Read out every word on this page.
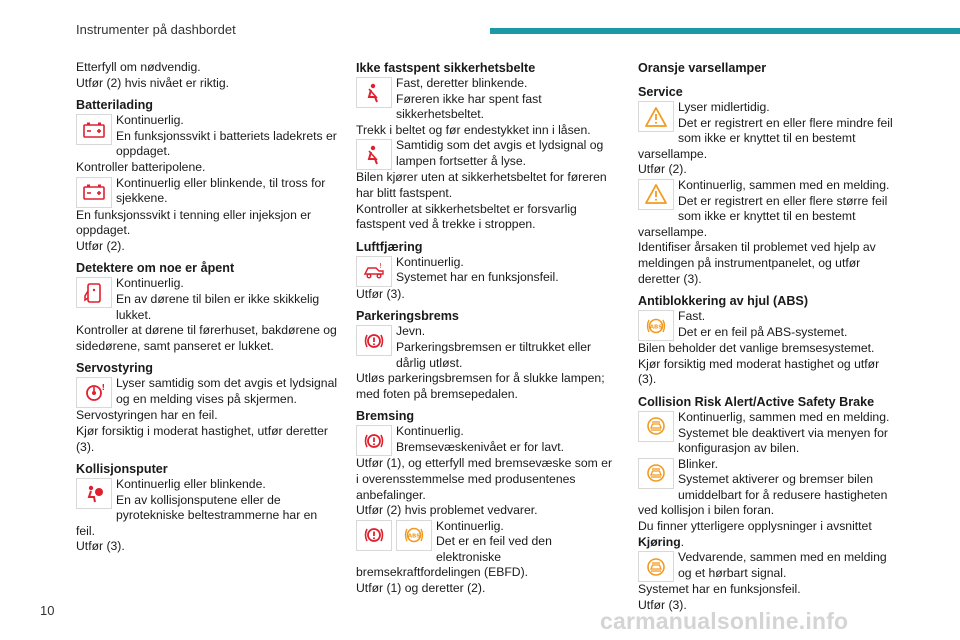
Instrumenter på dashbordet

Etterfyll om nødvendig.

Utfør (2) hvis nivået er riktig.

Batterilading

Kontinuerlig.

En funksjonssvikt i batteriets ladekrets er oppdaget.

Kontroller batteripolene.

Kontinuerlig eller blinkende, til tross for sjekkene.

En funksjonssvikt i tenning eller injeksjon er oppdaget.

Utfør (2).

Detektere om noe er åpent

Kontinuerlig.

En av dørene til bilen er ikke skikkelig lukket.

Kontroller at dørene til førerhuset, bakdørene og sidedørene, samt panseret er lukket.

Servostyring
! Lyser samtidig som det avgis et lydsignal og en melding vises på skjermen.

Servostyringen har en feil.

Kjør forsiktig i moderat hastighet, utfør deretter (3).

Kollisjonsputer

Kontinuerlig eller blinkende.

En av kollisjonsputene eller de pyrotekniske beltestrammerne har en feil.

Utfør (3).

Ikke fastspent sikkerhetsbelte

Fast, deretter blinkende.

Føreren ikke har spent fast sikkerhetsbeltet.

Trekk i beltet og før endestykket inn i låsen.

Samtidig som det avgis et lydsignal og lampen fortsetter å lyse.

Bilen kjører uten at sikkerhetsbeltet for føreren har blitt fastspent.

Kontroller at sikkerhetsbeltet er forsvarlig fastspent ved å trekke i stroppen.

Luftfjæring
!	Kontinuerlig.

Systemet har en funksjonsfeil.

Utfør (3).

Parkeringsbrems

Jevn.

Parkeringsbremsen er tiltrukket eller dårlig utløst.

Utløs parkeringsbremsen for å slukke lampen; med foten på bremsepedalen.

Bremsing

Kontinuerlig.

Bremsevæskenivået er for lavt.

Utfør (1), og etterfyll med bremsevæske som er i overensstemmelse med produsentenes anbefalinger.

Utfør (2) hvis problemet vedvarer.

ABS

Kontinuerlig.

Det er en feil ved den elektroniske bremsekraftfordelingen (EBFD).

Utfør (1) og deretter (2).

Oransje varsellamper
Service

Lyser midlertidig.

Det er registrert en eller flere mindre feil som ikke er knyttet til en bestemt varsellampe.

Utfør (2).

Kontinuerlig, sammen med en melding.

Det er registrert en eller flere større feil som ikke er knyttet til en bestemt varsellampe.

Identifiser årsaken til problemet ved hjelp av meldingen på instrumentpanelet, og utfør deretter (3).

Antiblokkering av hjul (ABS)
ABS

Fast.

Det er en feil på ABS-systemet.

Bilen beholder det vanlige bremsesystemet.

Kjør forsiktig med moderat hastighet og utfør (3).

Collision Risk Alert/Active Safety Brake

Kontinuerlig, sammen med en melding.

Systemet ble deaktivert via menyen for konfigurasjon av bilen.

Blinker.

Systemet aktiverer og bremser bilen umiddelbart for å redusere hastigheten ved kollisjon i bilen foran.

Du finner ytterligere opplysninger i avsnittet Kjøring.

Vedvarende, sammen med en melding og et hørbart signal.

Systemet har en funksjonsfeil.

Utfør (3).

10	carmanualsonline.info
